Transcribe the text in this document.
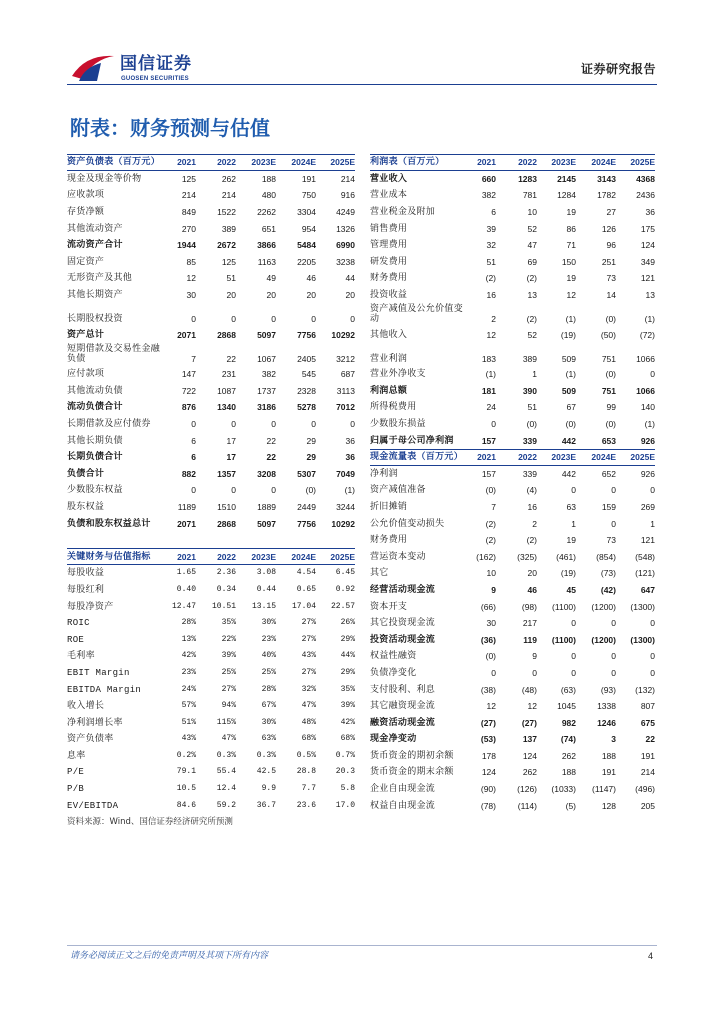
国信证券
GUOSEN SECURITIES
证券研究报告
附表：财务预测与估值
资产负债表（百万元）	2021	2022	2023E	2024E	2025E
现金及现金等价物	125	262	188	191	214
应收款项	214	214	480	750	916
存货净额	849	1522	2262	3304	4249
其他流动资产	270	389	651	954	1326
流动资产合计	1944	2672	3866	5484	6990
固定资产	85	125	1163	2205	3238
无形资产及其他	12	51	49	46	44
其他长期资产	30	20	20	20	20
长期股权投资	0	0	0	0	0
资产总计	2071	2868	5097	7756	10292
短期借款及交易性金融负债	7	22	1067	2405	3212
应付款项	147	231	382	545	687
其他流动负债	722	1087	1737	2328	3113
流动负债合计	876	1340	3186	5278	7012
长期借款及应付债券	0	0	0	0	0
其他长期负债	6	17	22	29	36
长期负债合计	6	17	22	29	36
负债合计	882	1357	3208	5307	7049
少数股东权益	0	0	0	(0)	(1)
股东权益	1189	1510	1889	2449	3244
负债和股东权益总计	2071	2868	5097	7756	10292
关键财务与估值指标	2021	2022	2023E	2024E	2025E
每股收益	1.65	2.36	3.08	4.54	6.45
每股红利	0.40	0.34	0.44	0.65	0.92
每股净资产	12.47	10.51	13.15	17.04	22.57
ROIC	28%	35%	30%	27%	26%
ROE	13%	22%	23%	27%	29%
毛利率	42%	39%	40%	43%	44%
EBIT Margin	23%	25%	25%	27%	29%
EBITDA Margin	24%	27%	28%	32%	35%
收入增长	57%	94%	67%	47%	39%
净利润增长率	51%	115%	30%	48%	42%
资产负债率	43%	47%	63%	68%	68%
息率	0.2%	0.3%	0.3%	0.5%	0.7%
P/E	79.1	55.4	42.5	28.8	20.3
P/B	10.5	12.4	9.9	7.7	5.8
EV/EBITDA	84.6	59.2	36.7	23.6	17.0
利润表（百万元）	2021	2022	2023E	2024E	2025E
营业收入	660	1283	2145	3143	4368
营业成本	382	781	1284	1782	2436
营业税金及附加	6	10	19	27	36
销售费用	39	52	86	126	175
管理费用	32	47	71	96	124
研发费用	51	69	150	251	349
财务费用	(2)	(2)	19	73	121
投资收益	16	13	12	14	13
资产减值及公允价值变动	2	(2)	(1)	(0)	(1)
其他收入	12	52	(19)	(50)	(72)
营业利润	183	389	509	751	1066
营业外净收支	(1)	1	(1)	(0)	0
利润总额	181	390	509	751	1066
所得税费用	24	51	67	99	140
少数股东损益	0	(0)	(0)	(0)	(1)
归属于母公司净利润	157	339	442	653	926
现金流量表（百万元）	2021	2022	2023E	2024E	2025E
净利润	157	339	442	652	926
资产减值准备	(0)	(4)	0	0	0
折旧摊销	7	16	63	159	269
公允价值变动损失	(2)	2	1	0	1
财务费用	(2)	(2)	19	73	121
营运资本变动	(162)	(325)	(461)	(854)	(548)
其它	10	20	(19)	(73)	(121)
经营活动现金流	9	46	45	(42)	647
资本开支	(66)	(98)	(1100)	(1200)	(1300)
其它投资现金流	30	217	0	0	0
投资活动现金流	(36)	119	(1100)	(1200)	(1300)
权益性融资	(0)	9	0	0	0
负债净变化	0	0	0	0	0
支付股利、利息	(38)	(48)	(63)	(93)	(132)
其它融资现金流	12	12	1045	1338	807
融资活动现金流	(27)	(27)	982	1246	675
现金净变动	(53)	137	(74)	3	22
货币资金的期初余额	178	124	262	188	191
货币资金的期末余额	124	262	188	191	214
企业自由现金流	(90)	(126)	(1033)	(1147)	(496)
权益自由现金流	(78)	(114)	(5)	128	205
资料来源：Wind、国信证券经济研究所预测
请务必阅读正文之后的免责声明及其项下所有内容	4
